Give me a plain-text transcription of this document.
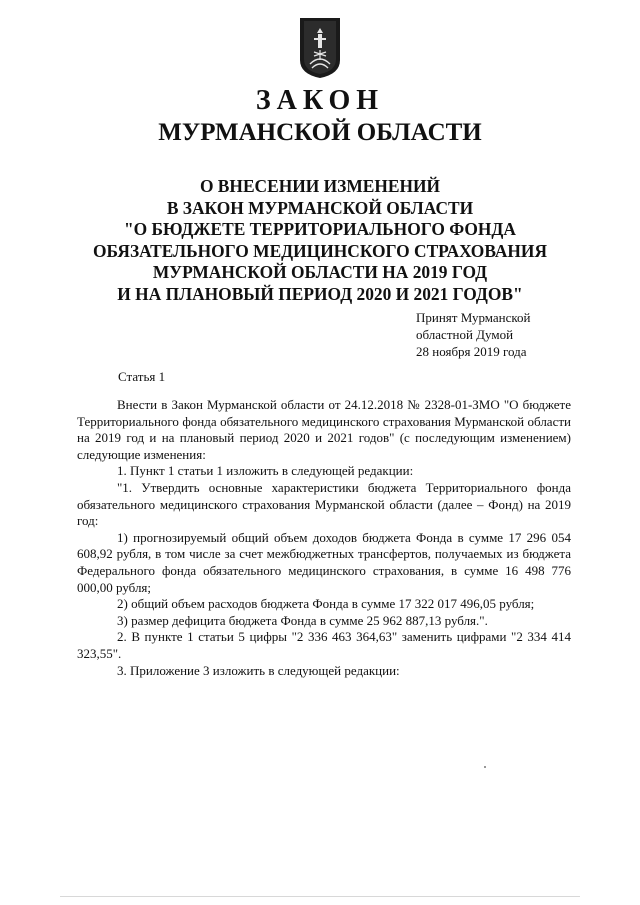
ЗАКОН
МУРМАНСКОЙ ОБЛАСТИ
О ВНЕСЕНИИ ИЗМЕНЕНИЙ
В ЗАКОН МУРМАНСКОЙ ОБЛАСТИ
"О БЮДЖЕТЕ ТЕРРИТОРИАЛЬНОГО ФОНДА
ОБЯЗАТЕЛЬНОГО МЕДИЦИНСКОГО СТРАХОВАНИЯ
МУРМАНСКОЙ ОБЛАСТИ НА 2019 ГОД
И НА ПЛАНОВЫЙ ПЕРИОД 2020 И 2021 ГОДОВ"
Принят Мурманской
областной Думой
28 ноября 2019 года
Статья 1

Внести в Закон Мурманской области от 24.12.2018 № 2328-01-ЗМО "О бюджете Территориального фонда обязательного медицинского страхования Мурманской области на 2019 год и на плановый период 2020 и 2021 годов" (с последующим изменением) следующие изменения:

1. Пункт 1 статьи 1 изложить в следующей редакции:

"1. Утвердить основные характеристики бюджета Территориального фонда обязательного медицинского страхования Мурманской области (далее – Фонд) на 2019 год:

1) прогнозируемый общий объем доходов бюджета Фонда в сумме 17 296 054 608,92 рубля, в том числе за счет межбюджетных трансфертов, получаемых из бюджета Федерального фонда обязательного медицинского страхования, в сумме 16 498 776 000,00 рубля;

2) общий объем расходов бюджета Фонда в сумме 17 322 017 496,05 рубля;

3) размер дефицита бюджета Фонда в сумме 25 962 887,13 рубля.".

2. В пункте 1 статьи 5 цифры "2 336 463 364,63" заменить цифрами "2 334 414 323,55".

3. Приложение 3 изложить в следующей редакции:
